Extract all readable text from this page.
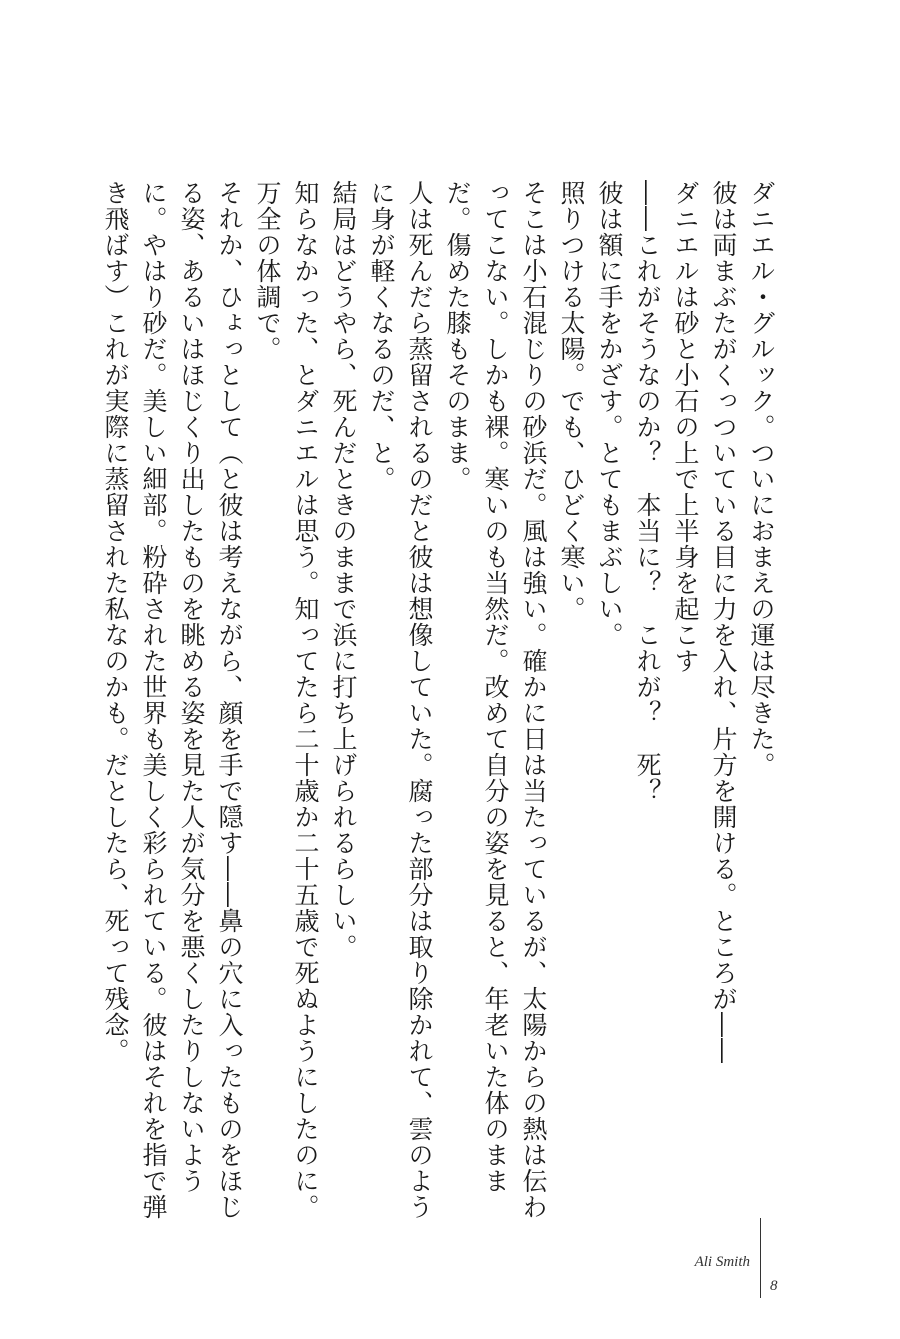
ダニエル・グルック。ついにおまえの運は尽きた。

彼は両まぶたがくっついている目に力を入れ、片方を開ける。ところが――

ダニエルは砂と小石の上で上半身を起こす

――これがそうなのか？　本当に？　これが？　死？

彼は額に手をかざす。とてもまぶしい。

照りつける太陽。でも、ひどく寒い。

そこは小石混じりの砂浜だ。風は強い。確かに日は当たっているが、太陽からの熱は伝わってこない。しかも裸。寒いのも当然だ。改めて自分の姿を見ると、年老いた体のままだ。傷めた膝もそのまま。

人は死んだら蒸留されるのだと彼は想像していた。腐った部分は取り除かれて、雲のように身が軽くなるのだ、と。

結局はどうやら、死んだときのままで浜に打ち上げられるらしい。

知らなかった、とダニエルは思う。知ってたら二十歳か二十五歳で死ぬようにしたのに。

万全の体調で。

それか、ひょっとして（と彼は考えながら、顔を手で隠す――鼻の穴に入ったものをほじる姿、あるいはほじくり出したものを眺める姿を見た人が気分を悪くしたりしないように。やはり砂だ。美しい細部。粉砕された世界も美しく彩られている。彼はそれを指で弾き飛ばす）これが実際に蒸留された私なのかも。だとしたら、死って残念。

Ali Smith
8
